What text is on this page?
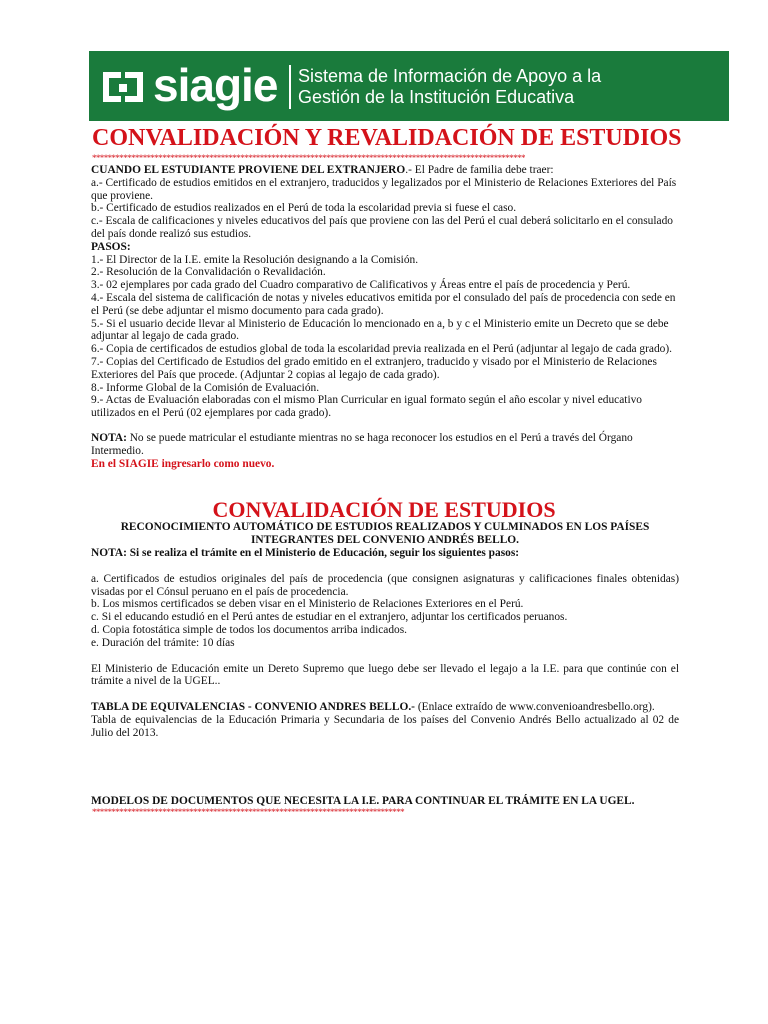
siagie Sistema de Información de Apoyo a la
Gestión de la Institución Educativa
CONVALIDACIÓN Y REVALIDACIÓN DE ESTUDIOS
***************************************************************************************************************

CUANDO EL ESTUDIANTE PROVIENE DEL EXTRANJERO.- El Padre de familia debe traer:

a.- Certificado de estudios emitidos en el extranjero, traducidos y legalizados por el Ministerio de Relaciones Exteriores del País que proviene.

b.- Certificado de estudios realizados en el Perú de toda la escolaridad previa si fuese el caso.

c.- Escala de calificaciones y niveles educativos del país que proviene con las del Perú el cual deberá solicitarlo en el consulado del país donde realizó sus estudios.

PASOS:

1.- El Director de la I.E. emite la Resolución designando a la Comisión.

2.- Resolución de la Convalidación o Revalidación.

3.- 02 ejemplares por cada grado del Cuadro comparativo de Calificativos y Áreas entre el país de procedencia y Perú.

4.- Escala del sistema de calificación de notas y niveles educativos emitida por el consulado del país de procedencia con sede en el Perú (se debe adjuntar el mismo documento para cada grado).

5.- Si el usuario decide llevar al Ministerio de Educación lo mencionado en a, b y c el Ministerio emite un Decreto que se debe adjuntar al legajo de cada grado.

6.- Copia de certificados de estudios global de toda la escolaridad previa realizada en el Perú (adjuntar al legajo de cada grado).

7.- Copias del Certificado de Estudios del grado emitido en el extranjero, traducido y visado por el Ministerio de Relaciones Exteriores del País que procede. (Adjuntar 2 copias al legajo de cada grado).

8.- Informe Global de la Comisión de Evaluación.

9.- Actas de Evaluación elaboradas con el mismo Plan Curricular en igual formato según el año escolar y nivel educativo utilizados en el Perú (02 ejemplares por cada grado).

NOTA: No se puede matricular el estudiante mientras no se haga reconocer los estudios en el Perú a través del Órgano Intermedio.

En el SIAGIE ingresarlo como nuevo.

CONVALIDACIÓN DE ESTUDIOS
RECONOCIMIENTO AUTOMÁTICO DE ESTUDIOS REALIZADOS Y CULMINADOS EN LOS PAÍSES INTEGRANTES DEL CONVENIO ANDRÉS BELLO.

NOTA: Si se realiza el trámite en el Ministerio de Educación, seguir los siguientes pasos:

a. Certificados de estudios originales del país de procedencia (que consignen asignaturas y calificaciones finales obtenidas) visadas por el Cónsul peruano en el país de procedencia.

b. Los mismos certificados se deben visar en el Ministerio de Relaciones Exteriores en el Perú.

c. Si el educando estudió en el Perú antes de estudiar en el extranjero, adjuntar los certificados peruanos.

d. Copia fotostática simple de todos los documentos arriba indicados.

e. Duración del trámite: 10 días

El Ministerio de Educación emite un Dereto Supremo que luego debe ser llevado el legajo a la I.E. para que continúe con el trámite a nivel de la UGEL..

TABLA DE EQUIVALENCIAS - CONVENIO ANDRES BELLO.- (Enlace extraído de www.convenioandresbello.org).

Tabla de equivalencias de la Educación Primaria y Secundaria de los países del Convenio Andrés Bello actualizado al 02 de Julio del 2013.

MODELOS DE DOCUMENTOS QUE NECESITA LA I.E. PARA CONTINUAR EL TRÁMITE EN LA UGEL.
********************************************************************************
